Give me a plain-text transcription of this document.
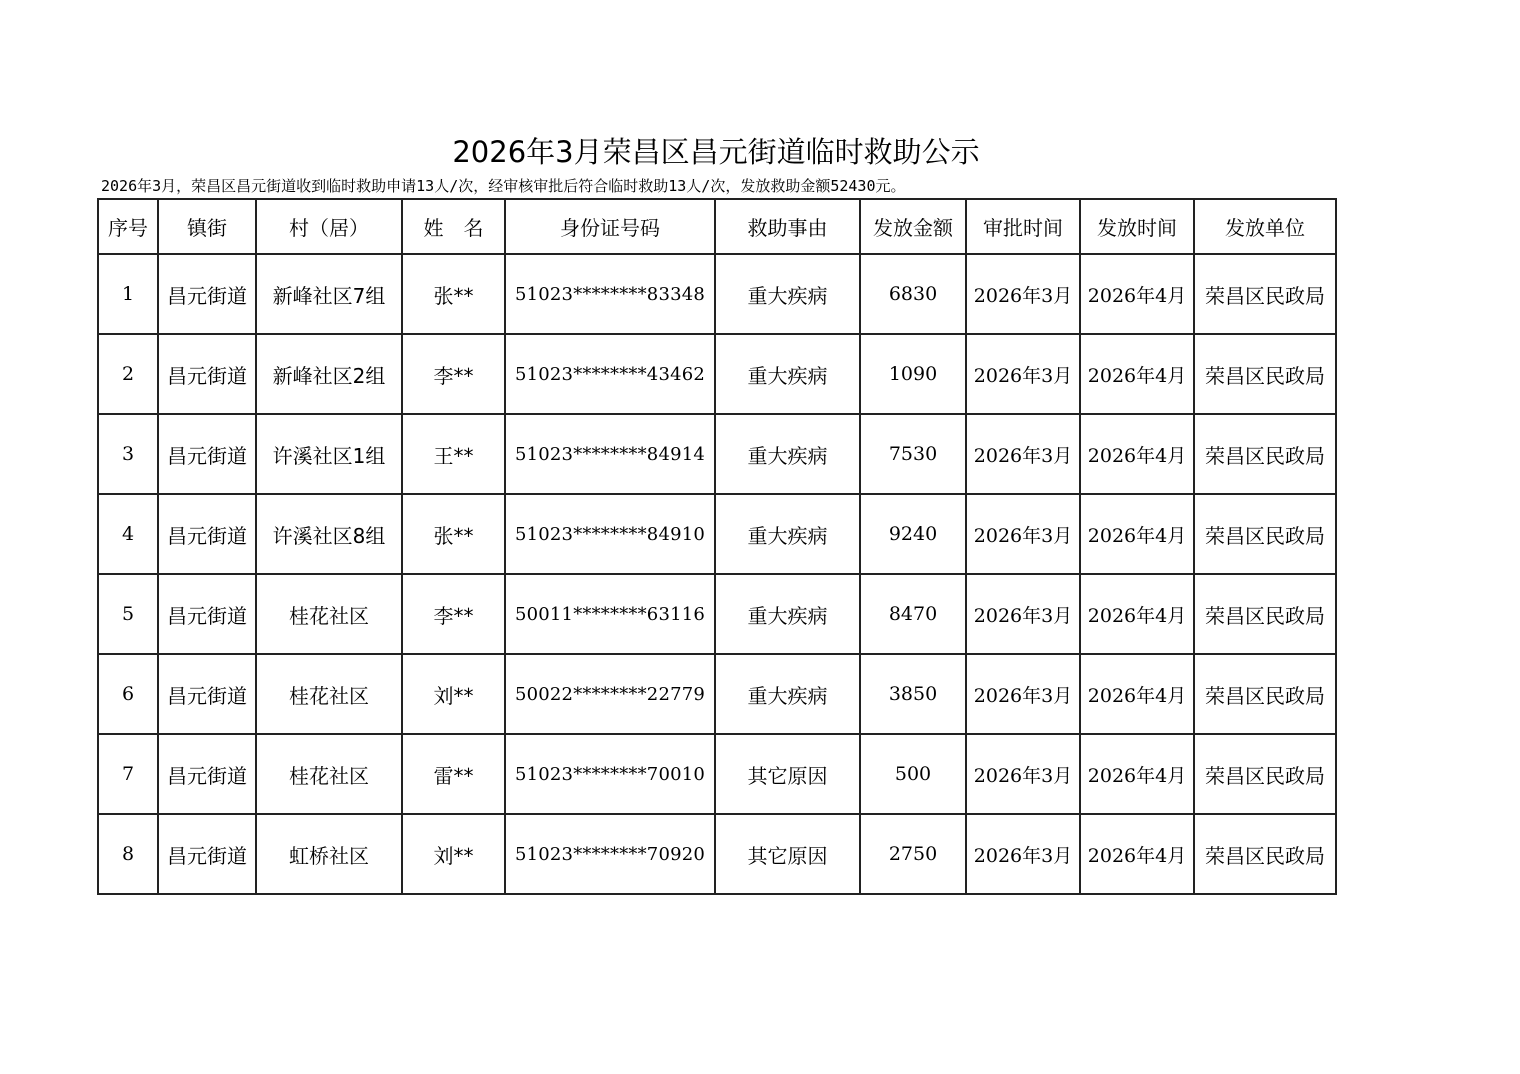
2026年3月荣昌区昌元街道临时救助公示
2026年3月，荣昌区昌元街道收到临时救助申请13人/次，经审核审批后符合临时救助13人/次，发放救助金额52430元。
序号	镇街	村（居）	姓　名	身份证号码	救助事由	发放金额	审批时间	发放时间	发放单位
1	昌元街道	新峰社区7组	张**	51023********83348	重大疾病	6830	2026年3月	2026年4月	荣昌区民政局
2	昌元街道	新峰社区2组	李**	51023********43462	重大疾病	1090	2026年3月	2026年4月	荣昌区民政局
3	昌元街道	许溪社区1组	王**	51023********84914	重大疾病	7530	2026年3月	2026年4月	荣昌区民政局
4	昌元街道	许溪社区8组	张**	51023********84910	重大疾病	9240	2026年3月	2026年4月	荣昌区民政局
5	昌元街道	桂花社区	李**	50011********63116	重大疾病	8470	2026年3月	2026年4月	荣昌区民政局
6	昌元街道	桂花社区	刘**	50022********22779	重大疾病	3850	2026年3月	2026年4月	荣昌区民政局
7	昌元街道	桂花社区	雷**	51023********70010	其它原因	500	2026年3月	2026年4月	荣昌区民政局
8	昌元街道	虹桥社区	刘**	51023********70920	其它原因	2750	2026年3月	2026年4月	荣昌区民政局
